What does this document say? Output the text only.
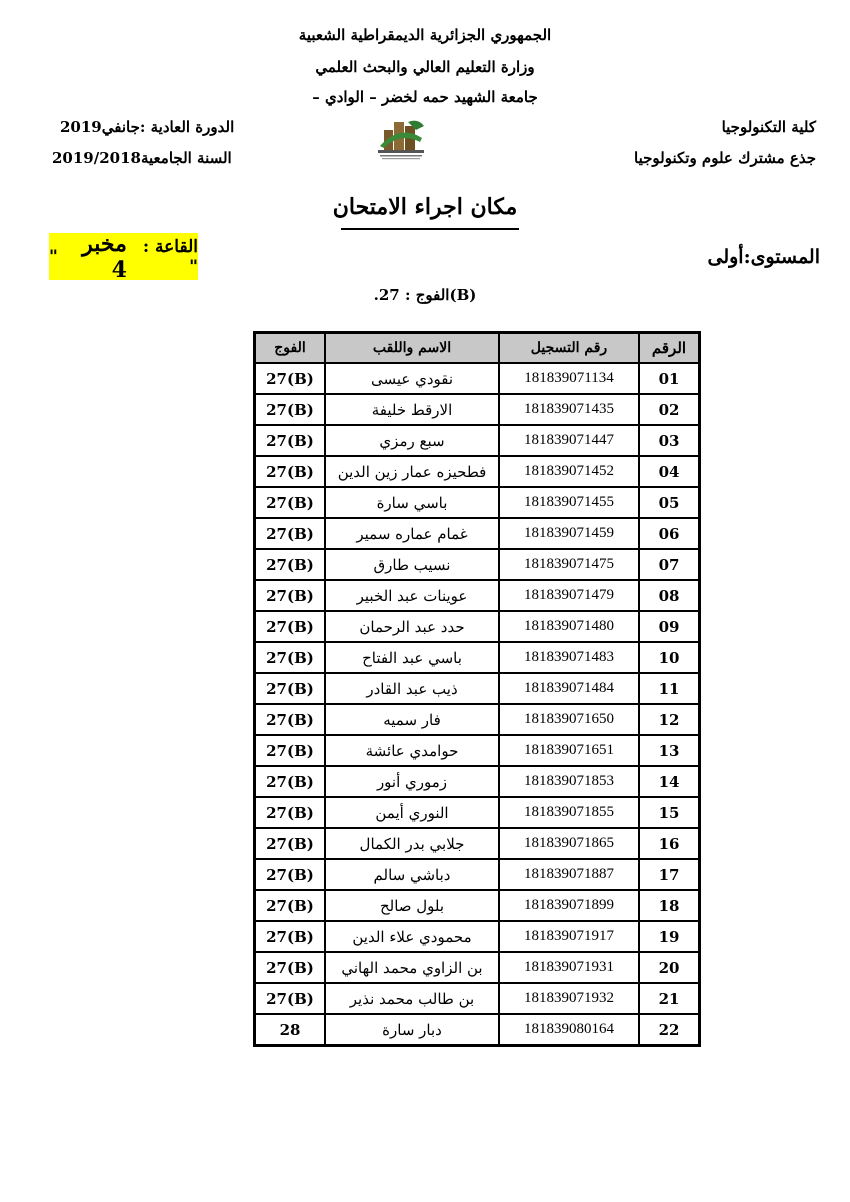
الجمهوري الجزائرية الديمقراطية الشعبية
وزارة التعليم العالي والبحث العلمي
جامعة الشهيد حمه لخضر – الوادي –
كلية التكنولوجيا
جذع مشترك علوم وتكنولوجيا
الدورة العادية :جانفي2019
السنة الجامعية2019/2018
مكان اجراء الامتحان
المستوى:أولى
القاعة : "

مخبر 4

"
.الفوج : 27(B)
الرقم	رقم التسجيل	الاسم واللقب	الفوج
01	181839071134	نقودي عيسى	27(B)
02	181839071435	الارقط خليفة	27(B)
03	181839071447	سبع رمزي	27(B)
04	181839071452	فطحيزه عمار زين الدين	27(B)
05	181839071455	باسي سارة	27(B)
06	181839071459	غمام عماره سمير	27(B)
07	181839071475	نسيب طارق	27(B)
08	181839071479	عوينات عبد الخبير	27(B)
09	181839071480	حدد عبد الرحمان	27(B)
10	181839071483	باسي عبد الفتاح	27(B)
11	181839071484	ذيب عبد القادر	27(B)
12	181839071650	فار سميه	27(B)
13	181839071651	حوامدي عائشة	27(B)
14	181839071853	زموري أنور	27(B)
15	181839071855	النوري أيمن	27(B)
16	181839071865	جلابي بدر الكمال	27(B)
17	181839071887	دباشي سالم	27(B)
18	181839071899	بلول صالح	27(B)
19	181839071917	محمودي علاء الدين	27(B)
20	181839071931	بن الزاوي محمد الهاني	27(B)
21	181839071932	بن طالب محمد نذير	27(B)
22	181839080164	دبار سارة	28
